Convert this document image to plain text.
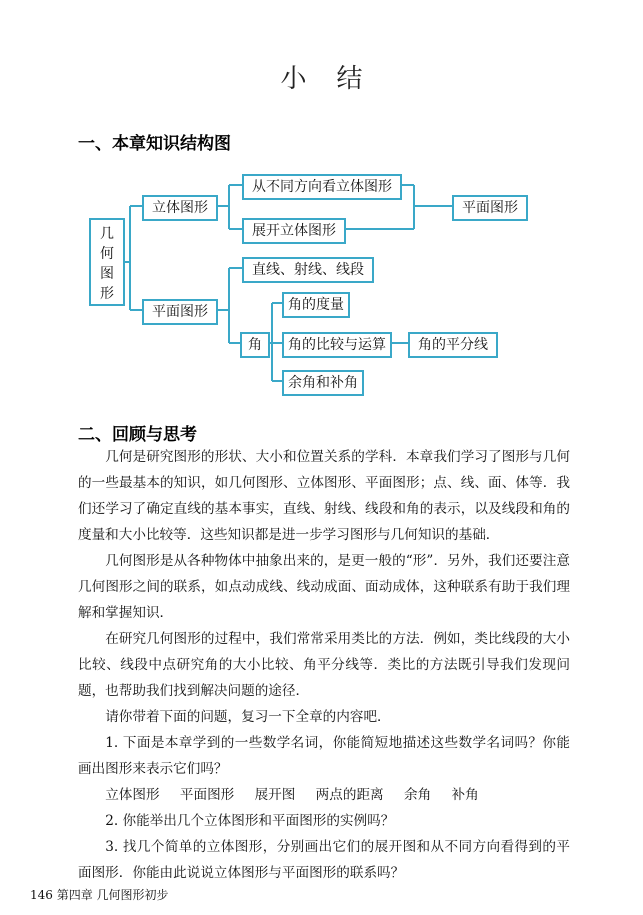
小结
一、本章知识结构图
几何图形
立体图形
平面图形
从不同方向看立体图形
展开立体图形
平面图形
直线、射线、线段
角
角的度量
角的比较与运算	角的平分线
余角和补角
二、回顾与思考
几何是研究图形的形状、大小和位置关系的学科．本章我们学习了图形与几何的一些最基本的知识，如几何图形、立体图形、平面图形；点、线、面、体等．我们还学习了确定直线的基本事实，直线、射线、线段和角的表示，以及线段和角的度量和大小比较等．这些知识都是进一步学习图形与几何知识的基础．
几何图形是从各种物体中抽象出来的，是更一般的“形”．另外，我们还要注意几何图形之间的联系，如点动成线、线动成面、面动成体，这种联系有助于我们理解和掌握知识．
在研究几何图形的过程中，我们常常采用类比的方法．例如，类比线段的大小比较、线段中点研究角的大小比较、角平分线等．类比的方法既引导我们发现问题，也帮助我们找到解决问题的途径．
请你带着下面的问题，复习一下全章的内容吧．
1. 下面是本章学到的一些数学名词，你能简短地描述这些数学名词吗？你能画出图形来表示它们吗？
立体图形 平面图形 展开图 两点的距离 余角 补角
2. 你能举出几个立体图形和平面图形的实例吗？
3. 找几个简单的立体图形，分别画出它们的展开图和从不同方向看得到的平面图形．你能由此说说立体图形与平面图形的联系吗？
146 第四章 几何图形初步
